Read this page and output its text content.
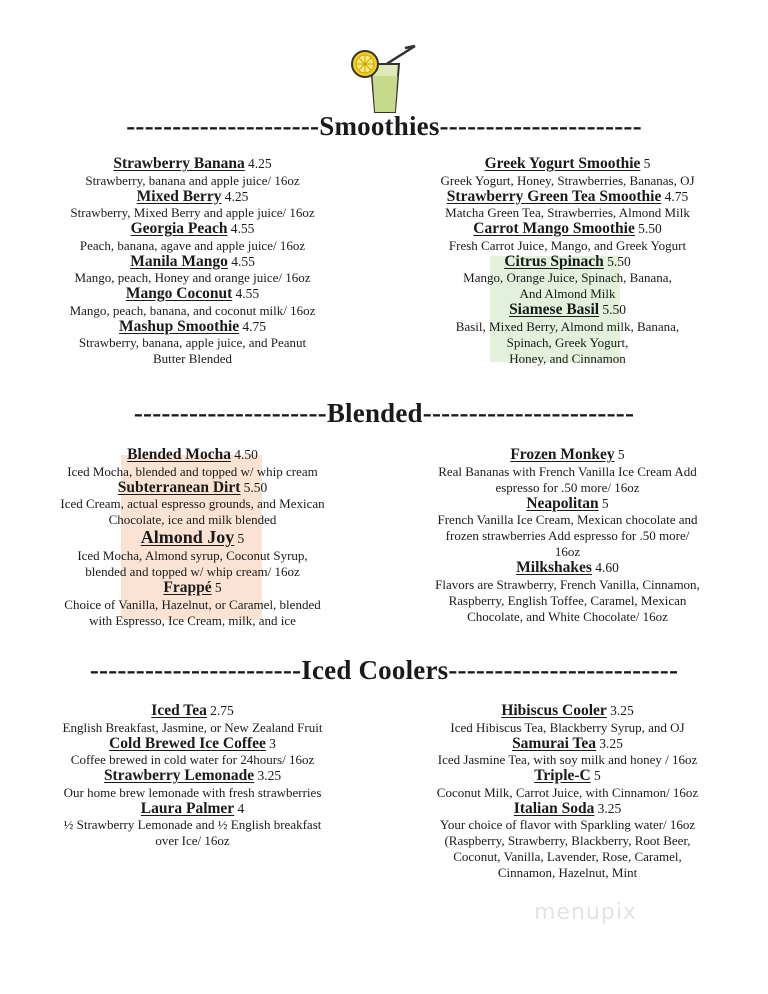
---------------------Smoothies----------------------
Strawberry Banana 4.25
Strawberry, banana and apple juice/ 16oz
Mixed Berry 4.25
Strawberry, Mixed Berry and apple juice/ 16oz
Georgia Peach 4.55
Peach, banana, agave and apple juice/ 16oz
Manila Mango 4.55
Mango, peach, Honey and orange juice/ 16oz
Mango Coconut 4.55
Mango, peach, banana, and coconut milk/ 16oz
Mashup Smoothie 4.75
Strawberry, banana, apple juice, and Peanut
Butter Blended
Greek Yogurt Smoothie 5
Greek Yogurt, Honey, Strawberries, Bananas, OJ
Strawberry Green Tea Smoothie 4.75
Matcha Green Tea, Strawberries, Almond Milk
Carrot Mango Smoothie 5.50
Fresh Carrot Juice, Mango, and Greek Yogurt
Citrus Spinach 5.50
Mango, Orange Juice, Spinach, Banana,
And Almond Milk
Siamese Basil 5.50
Basil, Mixed Berry, Almond milk, Banana,
Spinach, Greek Yogurt,
Honey, and Cinnamon
---------------------Blended-----------------------
Blended Mocha 4.50
Iced Mocha, blended and topped w/ whip cream
Subterranean Dirt 5.50
Iced Cream, actual espresso grounds, and Mexican
Chocolate, ice and milk blended
Almond Joy 5
Iced Mocha, Almond syrup, Coconut Syrup,
blended and topped w/ whip cream/ 16oz
Frappé 5
Choice of Vanilla, Hazelnut, or Caramel, blended
with Espresso, Ice Cream, milk, and ice
Frozen Monkey 5
Real Bananas with French Vanilla Ice Cream Add
espresso for .50 more/ 16oz
Neapolitan 5
French Vanilla Ice Cream, Mexican chocolate and
frozen strawberries Add espresso for .50 more/
16oz
Milkshakes 4.60
Flavors are Strawberry, French Vanilla, Cinnamon,
Raspberry, English Toffee, Caramel, Mexican
Chocolate, and White Chocolate/ 16oz
-----------------------Iced Coolers-------------------------
Iced Tea 2.75
English Breakfast, Jasmine, or New Zealand Fruit
Cold Brewed Ice Coffee 3
Coffee brewed in cold water for 24hours/ 16oz
Strawberry Lemonade 3.25
Our home brew lemonade with fresh strawberries
Laura Palmer 4
½ Strawberry Lemonade and ½ English breakfast
over Ice/ 16oz
Hibiscus Cooler 3.25
Iced Hibiscus Tea, Blackberry Syrup, and OJ
Samurai Tea 3.25
Iced Jasmine Tea, with soy milk and honey / 16oz
Triple-C 5
Coconut Milk, Carrot Juice, with Cinnamon/ 16oz
Italian Soda 3.25
Your choice of flavor with Sparkling water/ 16oz
(Raspberry, Strawberry, Blackberry, Root Beer,
Coconut, Vanilla, Lavender, Rose, Caramel,
Cinnamon, Hazelnut, Mint
menupix
